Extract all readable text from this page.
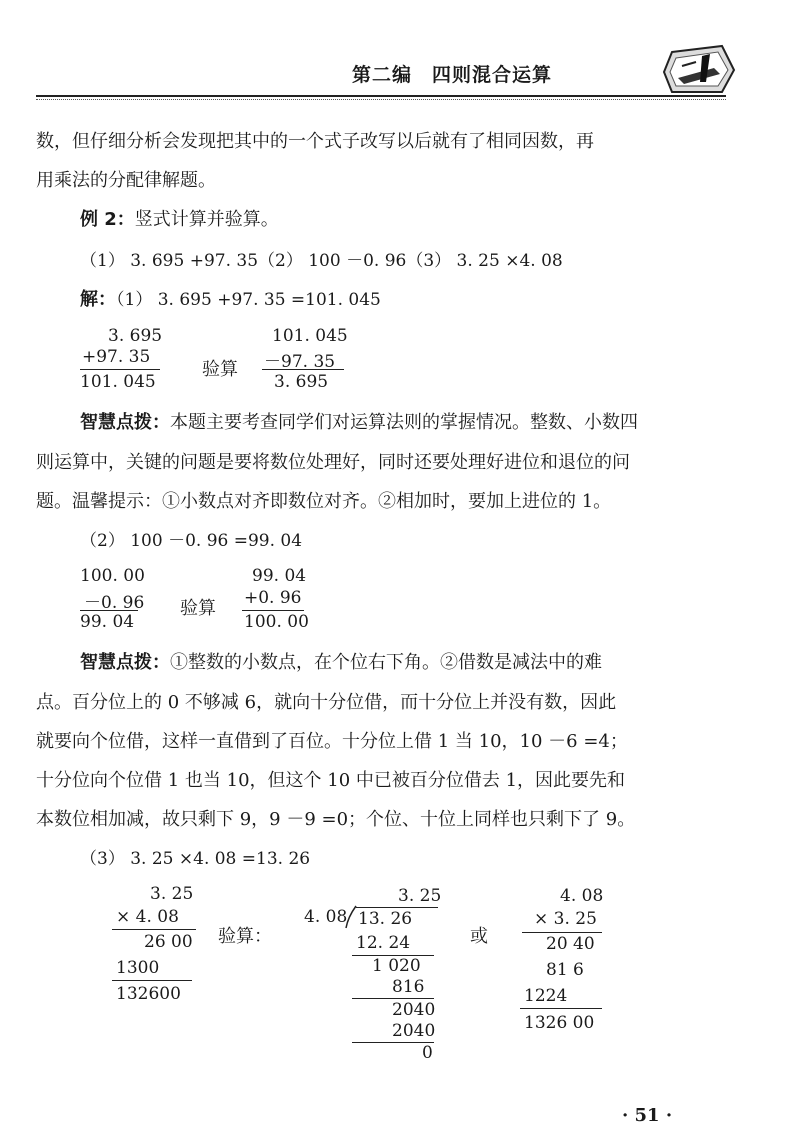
第二编　四则混合运算
数，但仔细分析会发现把其中的一个式子改写以后就有了相同因数，再
用乘法的分配律解题。
例 2：竖式计算并验算。
（1） 3. 695 +97. 35（2） 100 －0. 96（3） 3. 25 ×4. 08
解：（1） 3. 695 +97. 35 =101. 045
3. 695
+97. 35
101. 045
验算
101. 045
－97. 35
3. 695
智慧点拨：本题主要考查同学们对运算法则的掌握情况。整数、小数四
则运算中，关键的问题是要将数位处理好，同时还要处理好进位和退位的问
题。温馨提示：①小数点对齐即数位对齐。②相加时，要加上进位的 1。
（2） 100 －0. 96 =99. 04
100. 00
－0. 96
99. 04
验算
99. 04
+0. 96
100. 00
智慧点拨：①整数的小数点，在个位右下角。②借数是减法中的难
点。百分位上的 0 不够减 6，就向十分位借，而十分位上并没有数，因此
就要向个位借，这样一直借到了百位。十分位上借 1 当 10，10 －6 =4；
十分位向个位借 1 也当 10，但这个 10 中已被百分位借去 1，因此要先和
本数位相加减，故只剩下 9，9 －9 =0；个位、十位上同样也只剩下了 9。
（3） 3. 25 ×4. 08 =13. 26
3. 25
× 4. 08
26 00
1300
132600
验算：
3. 25
4. 08 13. 26
12. 24
1 020
816
2040
2040
0
或
4. 08
× 3. 25
20 40
81 6
1224
1326 00
· 51 ·
